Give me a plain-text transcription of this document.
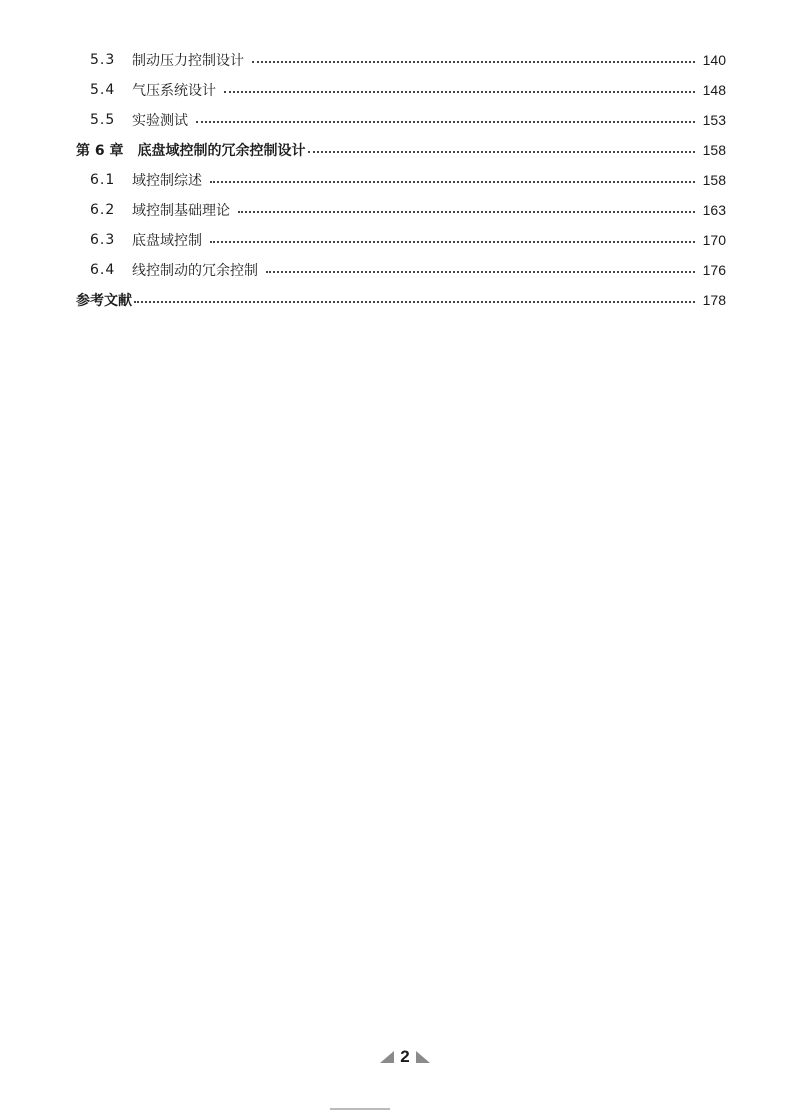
5.3	制动压力控制设计	140
5.4	气压系统设计	148
5.5	实验测试	153
第 6 章 底盘域控制的冗余控制设计	158
6.1	域控制综述	158
6.2	域控制基础理论	163
6.3	底盘域控制	170
6.4	线控制动的冗余控制	176
参考文献	178
2
